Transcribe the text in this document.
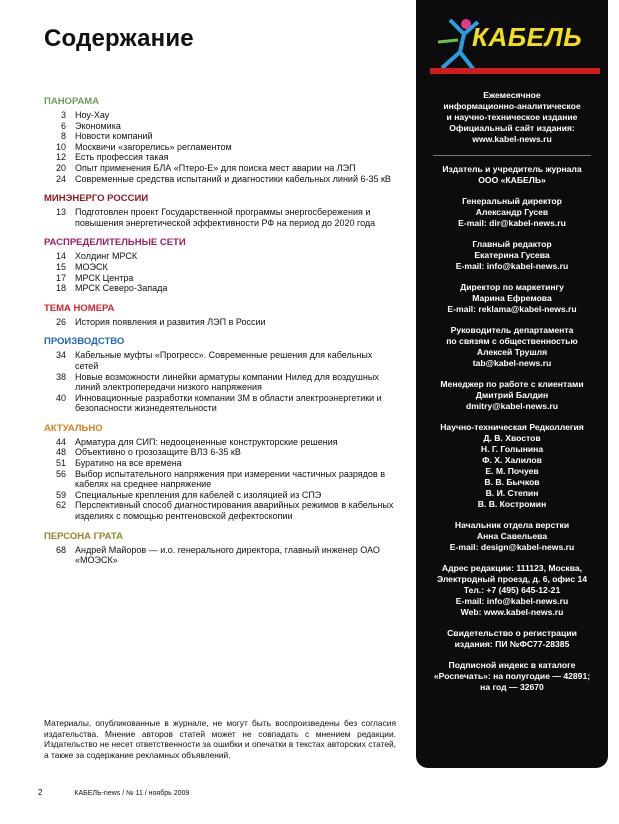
Содержание
ПАНОРАМА
3	Ноу-Хау
6	Экономика
8	Новости компаний
10	Москвичи «загорелись» регламентом
12	Есть профессия такая
20	Опыт применения БЛА «Птеро-Е» для поиска мест аварии на ЛЭП
24	Современные средства испытаний и диагностики кабельных линий 6-35 кВ
МИНЭНЕРГО РОССИИ
13	Подготовлен проект Государственной программы энергосбережения и повышения энергетической эффективности РФ на период до 2020 года
РАСПРЕДЕЛИТЕЛЬНЫЕ СЕТИ
14	Холдинг МРСК
15	МОЭСК
17	МРСК Центра
18	МРСК Северо-Запада
ТЕМА НОМЕРА
26	История появления и развития ЛЭП в России
ПРОИЗВОДСТВО
34	Кабельные муфты «Прогресс». Современные решения для кабельных сетей
38	Новые возможности линейки арматуры компании Нилед для воздушных линий электропередачи низкого напряжения
40	Инновационные разработки компании 3М в области электроэнергетики и безопасности жизнедеятельности
АКТУАЛЬНО
44	Арматура для СИП: недооцененные конструкторские решения
48	Объективно о грозозащите ВЛЗ 6-35 кВ
51	Буратино на все времена
56	Выбор испытательного напряжения при измерении частичных разрядов в кабелях на среднее напряжение
59	Специальные крепления для кабелей с изоляцией из СПЭ
62	Перспективный способ диагностирования аварийных режимов в кабельных изделиях с помощью рентгеновской дефектоскопии
ПЕРСОНА ГРАТА
68	Андрей Майоров — и.о. генерального директора, главный инженер ОАО «МОЭСК»
Материалы, опубликованные в журнале, не могут быть воспроизведены без согласия издательства. Мнение авторов статей может не совпадать с мнением редакции. Издательство не несет ответственности за ошибки и опечатки в текстах авторских статей, а также за содержание рекламных объявлений.
2	КАБЕЛЬ-news / № 11 / ноябрь 2009
КАБЕЛЬ
Ежемесячное
информационно-аналитическое
и научно-техническое издание
Официальный сайт издания:
www.kabel-news.ru
Издатель и учредитель журнала
ООО «КАБЕЛЬ»
Генеральный директор
Александр Гусев
E-mail: dir@kabel-news.ru
Главный редактор
Екатерина Гусева
E-mail: info@kabel-news.ru
Директор по маркетингу
Марина Ефремова
E-mail: reklama@kabel-news.ru
Руководитель департамента
по связям с общественностью
Алексей Трушля
tab@kabel-news.ru
Менеджер по работе с клиентами
Дмитрий Балдин
dmitry@kabel-news.ru
Научно-техническая Редколлегия
Д. В. Хвостов
Н. Г. Голынина
Ф. Х. Халилов
Е. М. Почуев
В. В. Бычков
В. И. Степин
В. В. Костромин
Начальник отдела верстки
Анна Савельева
E-mail: design@kabel-news.ru
Адрес редакции: 111123, Москва,
Электродный проезд, д. 6, офис 14
Тел.: +7 (495) 645-12-21
E-mail: info@kabel-news.ru
Web: www.kabel-news.ru
Свидетельство о регистрации
издания: ПИ №ФС77-28385
Подписной индекс в каталоге
«Роспечать»: на полугодие — 42891;
на год — 32670
